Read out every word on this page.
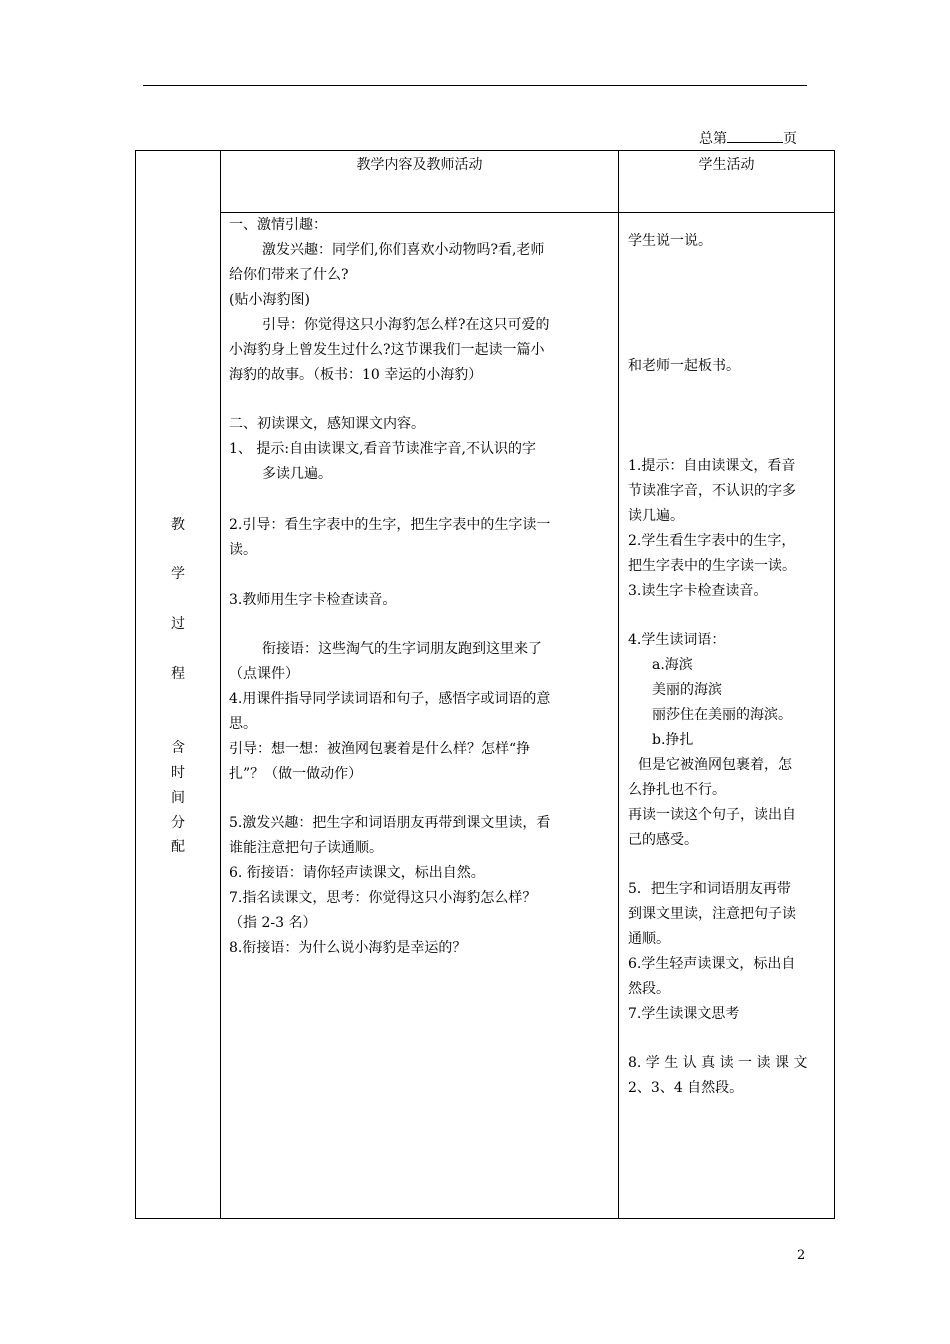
总第	页
教学内容及教师活动	学生活动
教
学
过
程
含
时
间
分
配
一、激情引趣：
激发兴趣：同学们,你们喜欢小动物吗?看,老师
给你们带来了什么?
(贴小海豹图)
引导：你觉得这只小海豹怎么样?在这只可爱的
小海豹身上曾发生过什么?这节课我们一起读一篇小
海豹的故事。（板书：10 幸运的小海豹）
二、初读课文，感知课文内容。
1、 提示:自由读课文,看音节读准字音,不认识的字
多读几遍。
2.引导：看生字表中的生字，把生字表中的生字读一
读。
3.教师用生字卡检查读音。
衔接语：这些淘气的生字词朋友跑到这里来了
（点课件）
4.用课件指导同学读词语和句子，感悟字或词语的意
思。
引导：想一想：被渔网包裹着是什么样？怎样“挣
扎”？（做一做动作）
5.激发兴趣：把生字和词语朋友再带到课文里读，看
谁能注意把句子读通顺。
6. 衔接语：请你轻声读课文，标出自然。
7.指名读课文，思考：你觉得这只小海豹怎么样？
（指 2-3 名）
8.衔接语：为什么说小海豹是幸运的？
学生说一说。
和老师一起板书。
1.提示：自由读课文，看音
节读准字音，不认识的字多
读几遍。
2.学生看生字表中的生字，
把生字表中的生字读一读。
3.读生字卡检查读音。
4.学生读词语：
a.海滨
美丽的海滨
丽莎住在美丽的海滨。
b.挣扎
但是它被渔网包裹着，怎
么挣扎也不行。
再读一读这个句子，读出自
己的感受。
5．把生字和词语朋友再带
到课文里读，注意把句子读
通顺。
6.学生轻声读课文，标出自
然段。
7.学生读课文思考
8. 学 生 认 真 读 一 读 课 文
2、3、4 自然段。
2
